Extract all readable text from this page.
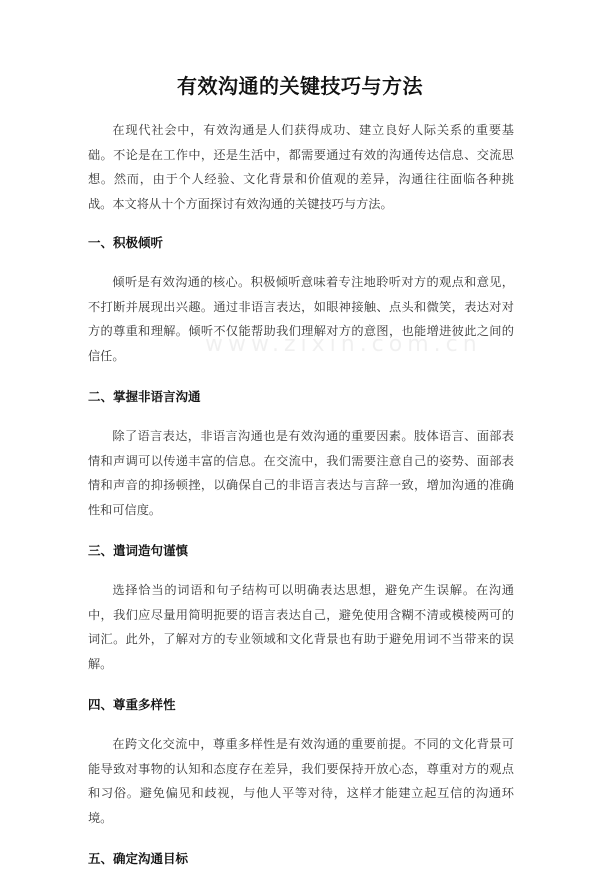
有效沟通的关键技巧与方法
www.zixin.com.cn

在现代社会中，有效沟通是人们获得成功、建立良好人际关系的重要基础。不论是在工作中，还是生活中，都需要通过有效的沟通传达信息、交流思想。然而，由于个人经验、文化背景和价值观的差异，沟通往往面临各种挑战。本文将从十个方面探讨有效沟通的关键技巧与方法。

一、积极倾听

倾听是有效沟通的核心。积极倾听意味着专注地聆听对方的观点和意见，不打断并展现出兴趣。通过非语言表达，如眼神接触、点头和微笑，表达对对方的尊重和理解。倾听不仅能帮助我们理解对方的意图，也能增进彼此之间的信任。

二、掌握非语言沟通

除了语言表达，非语言沟通也是有效沟通的重要因素。肢体语言、面部表情和声调可以传递丰富的信息。在交流中，我们需要注意自己的姿势、面部表情和声音的抑扬顿挫，以确保自己的非语言表达与言辞一致，增加沟通的准确性和可信度。

三、遣词造句谨慎

选择恰当的词语和句子结构可以明确表达思想，避免产生误解。在沟通中，我们应尽量用简明扼要的语言表达自己，避免使用含糊不清或模棱两可的词汇。此外，了解对方的专业领域和文化背景也有助于避免用词不当带来的误解。

四、尊重多样性

在跨文化交流中，尊重多样性是有效沟通的重要前提。不同的文化背景可能导致对事物的认知和态度存在差异，我们要保持开放心态，尊重对方的观点和习俗。避免偏见和歧视，与他人平等对待，这样才能建立起互信的沟通环境。

五、确定沟通目标
